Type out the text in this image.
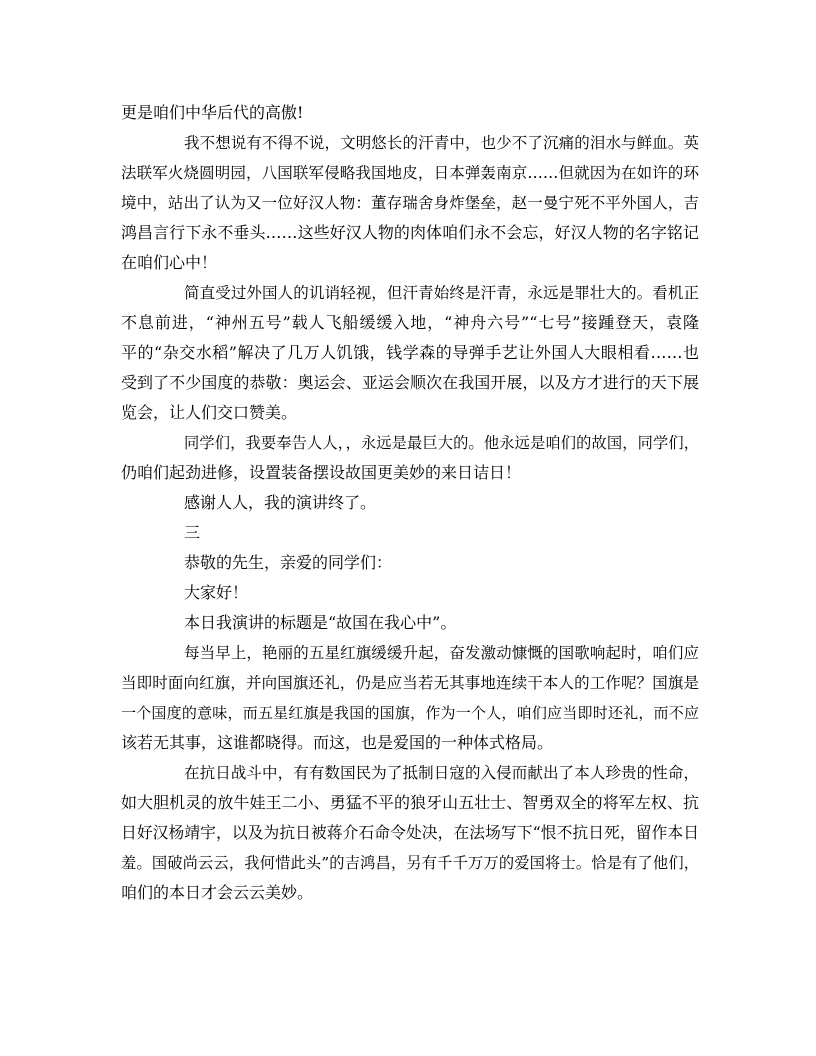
更是咱们中华后代的高傲!
我不想说有不得不说，文明悠长的汗青中，也少不了沉痛的泪水与鲜血。英
法联军火烧圆明园，八国联军侵略我国地皮，日本弹轰南京……但就因为在如许的环
境中，站出了认为又一位好汉人物：董存瑞舍身炸堡垒，赵一曼宁死不平外国人，吉
鸿昌言行下永不垂头……这些好汉人物的肉体咱们永不会忘，好汉人物的名字铭记
在咱们心中！
简直受过外国人的讥诮轻视，但汗青始终是汗青，永远是罪壮大的。看机正
不息前进，“神州五号”载人飞船缓缓入地，“神舟六号”“七号”接踵登天，袁隆
平的“杂交水稻”解决了几万人饥饿，钱学森的导弹手艺让外国人大眼相看……也
受到了不少国度的恭敬：奥运会、亚运会顺次在我国开展，以及方才进行的天下展
览会，让人们交口赞美。
同学们，我要奉告人人，，永远是最巨大的。他永远是咱们的故国，同学们，
仍咱们起劲进修，设置装备摆设故国更美妙的来日诘日！
感谢人人，我的演讲终了。
三
恭敬的先生，亲爱的同学们：
大家好！
本日我演讲的标题是“故国在我心中”。
每当早上，艳丽的五星红旗缓缓升起，奋发激动慷慨的国歌响起时，咱们应
当即时面向红旗，并向国旗还礼，仍是应当若无其事地连续干本人的工作呢？国旗是
一个国度的意味，而五星红旗是我国的国旗，作为一个人，咱们应当即时还礼，而不应
该若无其事，这谁都晓得。而这，也是爱国的一种体式格局。
在抗日战斗中，有有数国民为了抵制日寇的入侵而献出了本人珍贵的性命，
如大胆机灵的放牛娃王二小、勇猛不平的狼牙山五壮士、智勇双全的将军左权、抗
日好汉杨靖宇，以及为抗日被蒋介石命令处决，在法场写下“恨不抗日死，留作本日
羞。国破尚云云，我何惜此头”的吉鸿昌，另有千千万万的爱国将士。恰是有了他们，
咱们的本日才会云云美妙。
